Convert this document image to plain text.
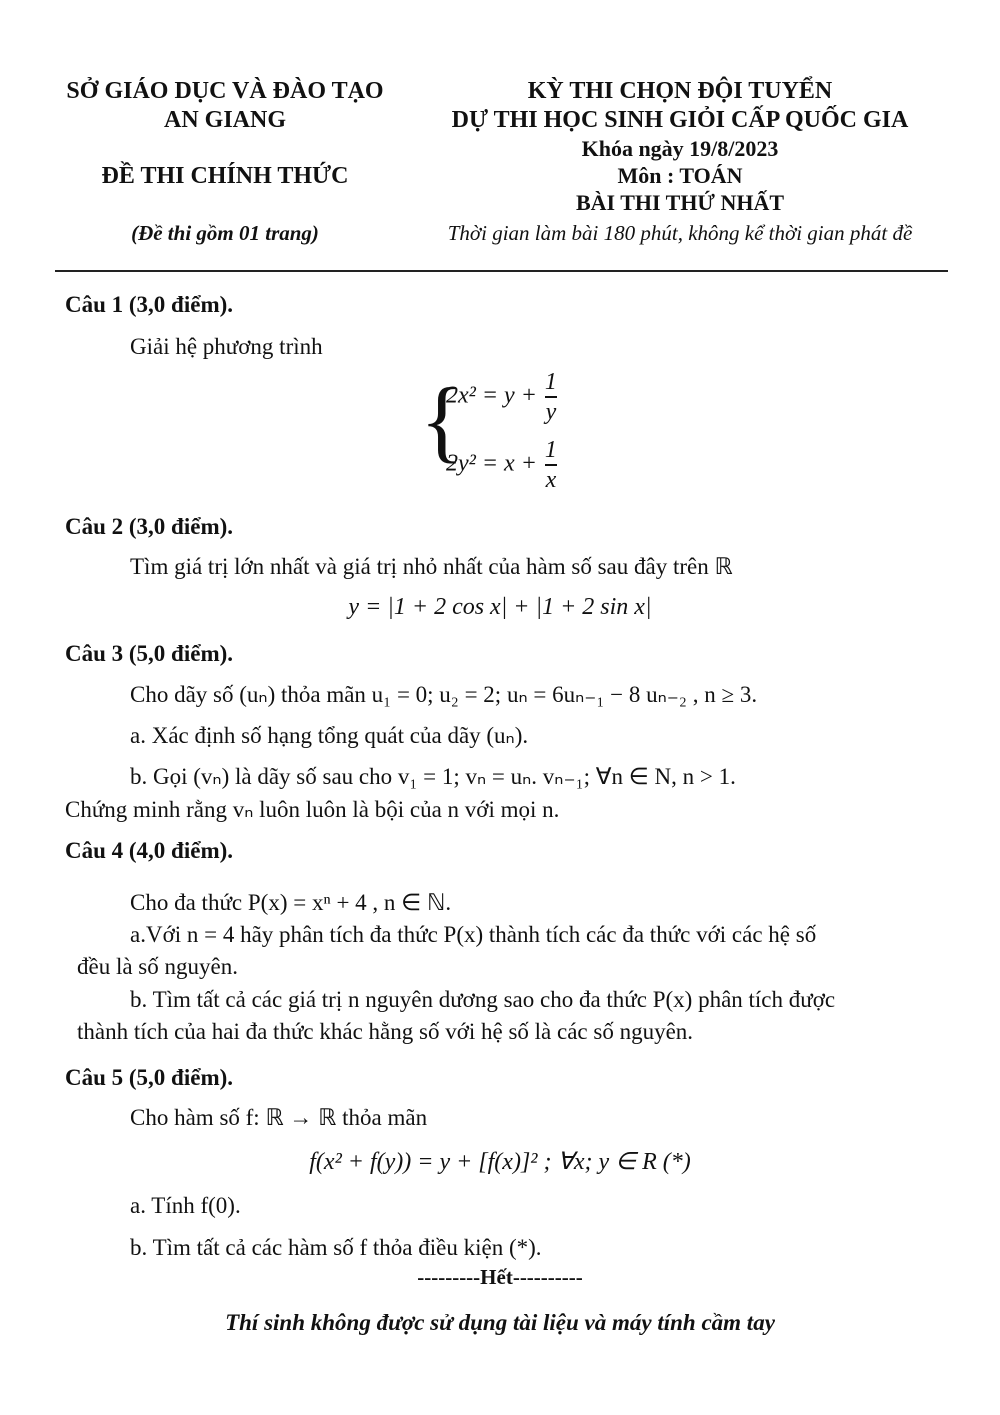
SỞ GIÁO DỤC VÀ ĐÀO TẠO
AN GIANG
ĐỀ THI CHÍNH THỨC
(Đề thi gồm 01 trang)
KỲ THI CHỌN ĐỘI TUYỂN
DỰ THI HỌC SINH GIỎI CẤP QUỐC GIA
Khóa ngày 19/8/2023
Môn : TOÁN
BÀI THI THỨ NHẤT
Thời gian làm bài 180 phút, không kể thời gian phát đề
Câu 1 (3,0 điểm).
Giải hệ phương trình
{
$2x^2 = y + \frac{1}{y}$
$2y^2 = x + \frac{1}{x}$
Câu 2 (3,0 điểm).
Tìm giá trị lớn nhất và giá trị nhỏ nhất của hàm số sau đây trên ℝ
y = |1 + 2 cos x| + |1 + 2 sin x|
Câu 3 (5,0 điểm).
Cho dãy số (uₙ) thỏa mãn u₁ = 0; u₂ = 2; uₙ = 6uₙ₋₁ − 8 uₙ₋₂ , n ≥ 3.
a. Xác định số hạng tổng quát của dãy (uₙ).
b. Gọi (vₙ) là dãy số sau cho v₁ = 1; vₙ = uₙ. vₙ₋₁; ∀n ∈ N, n > 1.
Chứng minh rằng vₙ luôn luôn là bội của n với mọi n.
Câu 4 (4,0 điểm).
Cho đa thức P(x) = xⁿ + 4 , n ∈ ℕ.
a.Với n = 4 hãy phân tích đa thức P(x) thành tích các đa thức với các hệ số
đều là số nguyên.
b. Tìm tất cả các giá trị n nguyên dương sao cho đa thức P(x) phân tích được
thành tích của hai đa thức khác hằng số với hệ số là các số nguyên.
Câu 5 (5,0 điểm).
Cho hàm số f: ℝ → ℝ thỏa mãn
f(x² + f(y)) = y + [f(x)]² ; ∀x; y ∈ R (*)
a. Tính f(0).
b. Tìm tất cả các hàm số f thỏa điều kiện (*).
---------Hết----------
Thí sinh không được sử dụng tài liệu và máy tính cầm tay
